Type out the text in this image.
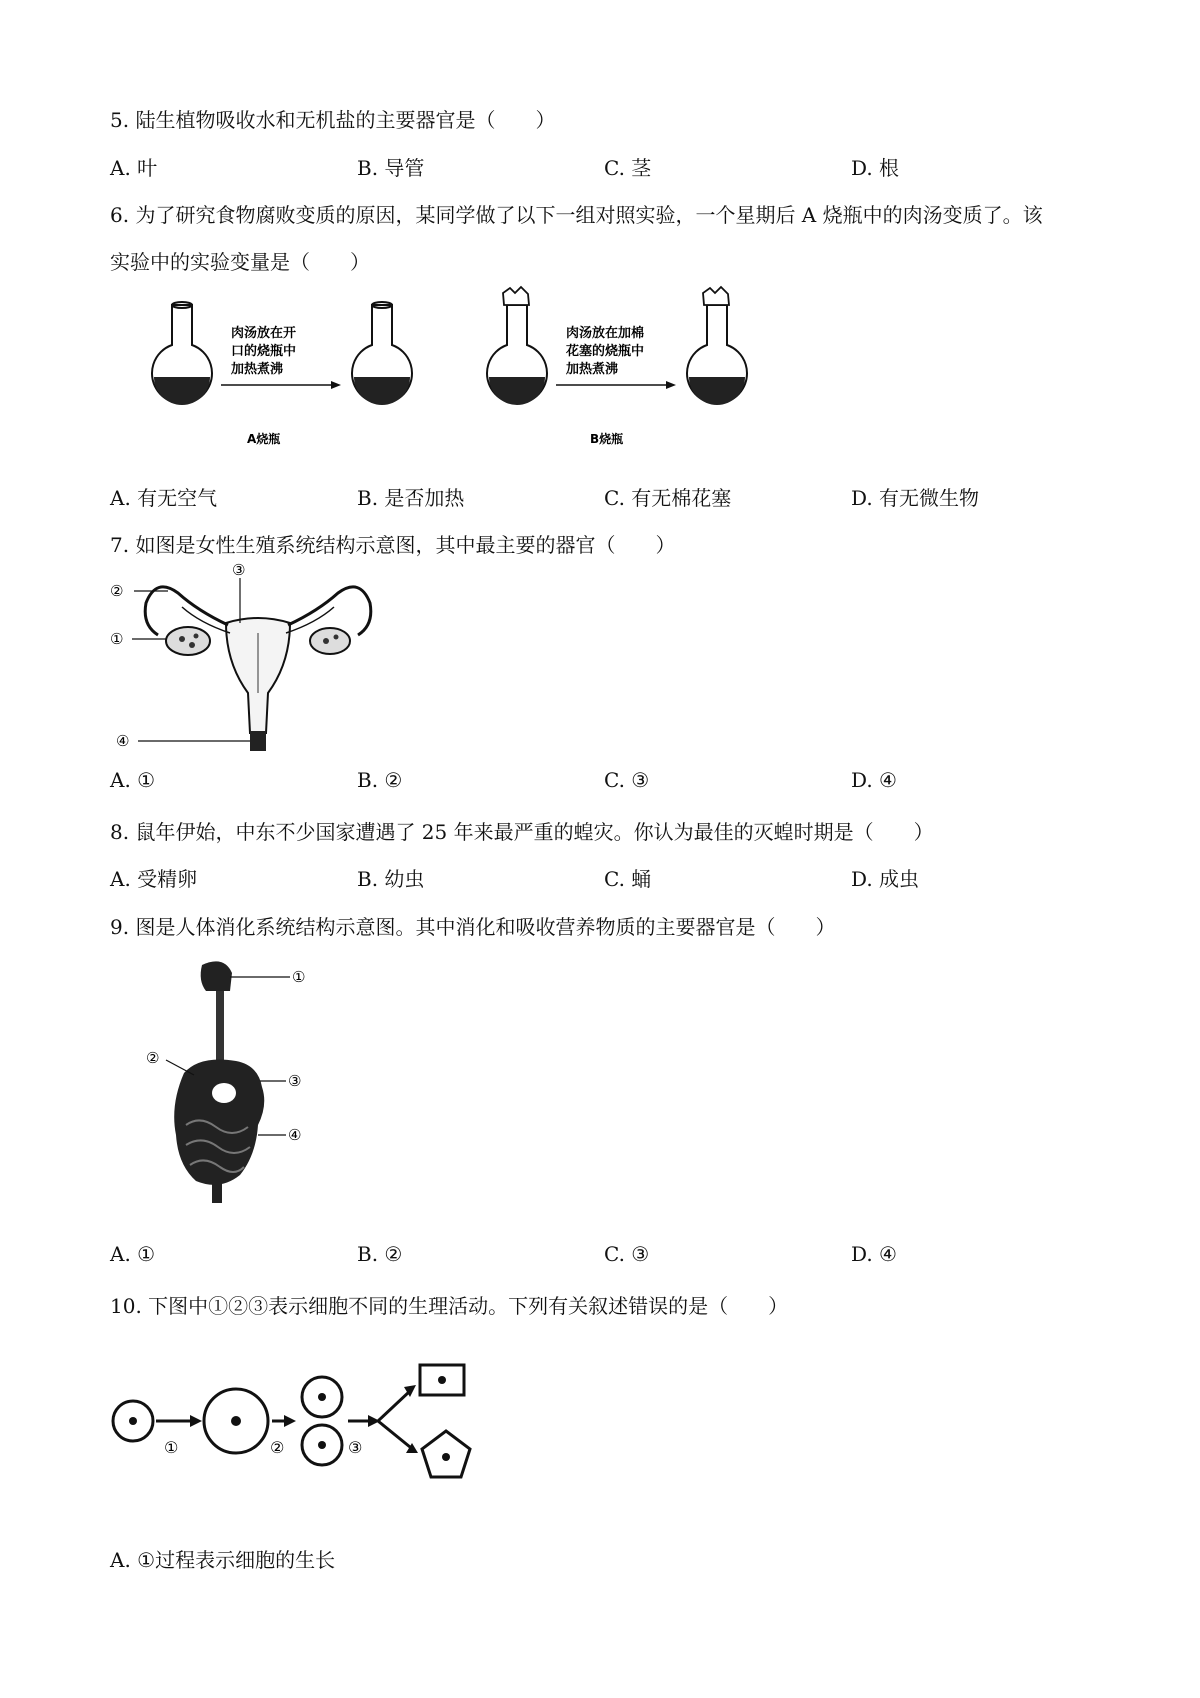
5. 陆生植物吸收水和无机盐的主要器官是（　　）
A. 叶	B. 导管	C. 茎	D. 根
6. 为了研究食物腐败变质的原因，某同学做了以下一组对照实验，一个星期后 A 烧瓶中的肉汤变质了。该
实验中的实验变量是（　　）
肉汤放在开
口的烧瓶中
加热煮沸
A烧瓶
肉汤放在加棉
花塞的烧瓶中
加热煮沸
B烧瓶
A. 有无空气	B. 是否加热	C. 有无棉花塞	D. 有无微生物
7. 如图是女性生殖系统结构示意图，其中最主要的器官（　　）
③
②
①
④
A. ①	B. ②	C. ③	D. ④
8. 鼠年伊始，中东不少国家遭遇了 25 年来最严重的蝗灾。你认为最佳的灭蝗时期是（　　）
A. 受精卵	B. 幼虫	C. 蛹	D. 成虫
9. 图是人体消化系统结构示意图。其中消化和吸收营养物质的主要器官是（　　）
①
②
③
④
A. ①	B. ②	C. ③	D. ④
10. 下图中①②③表示细胞不同的生理活动。下列有关叙述错误的是（　　）
①	②	③
A. ①过程表示细胞的生长
